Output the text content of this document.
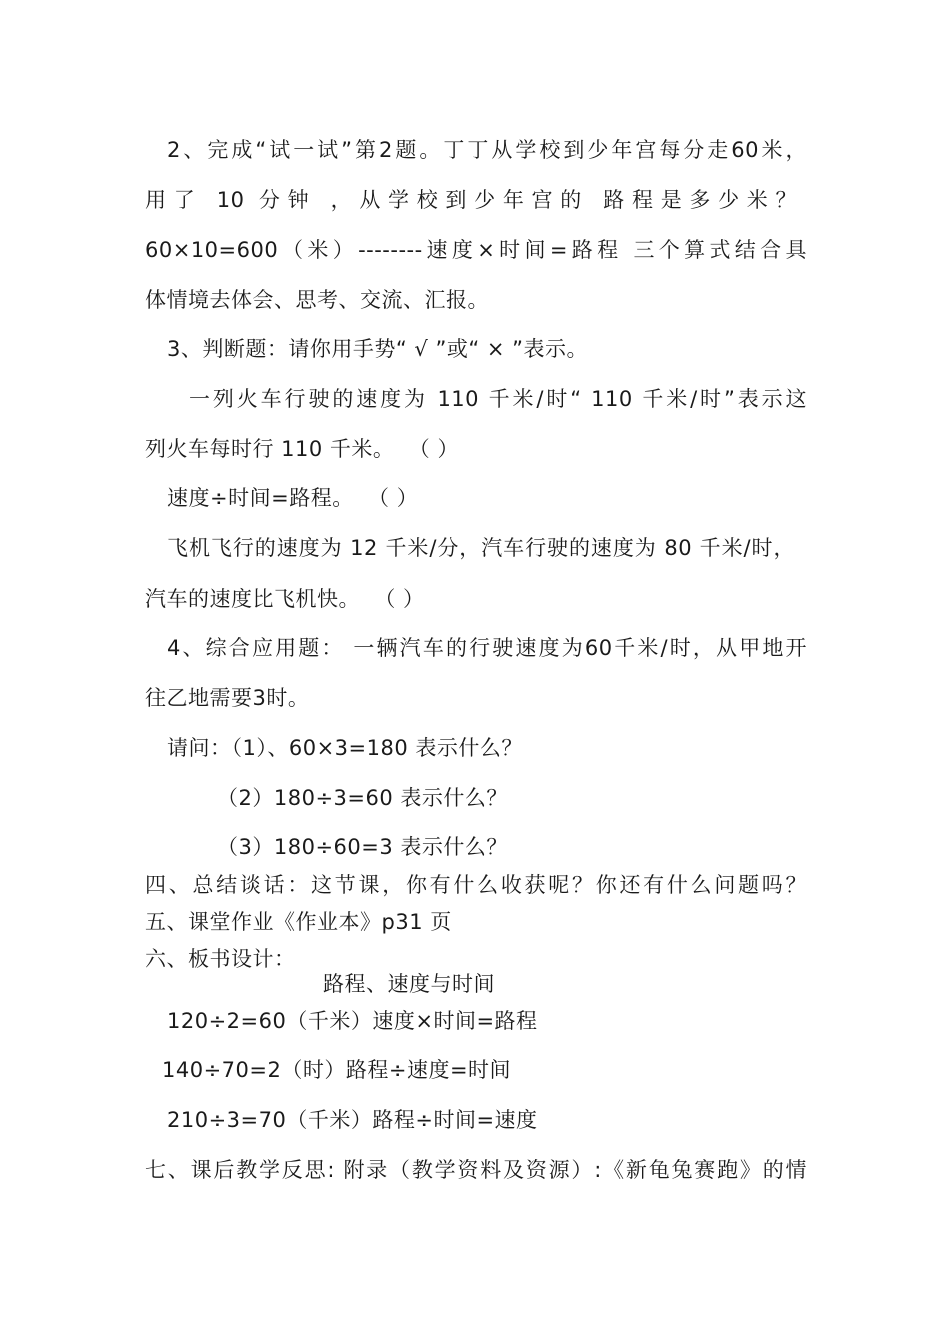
2、完成“试一试”第2题。丁丁从学校到少年宫每分走60米，
用了 10 分钟 ，从学校到少年宫的 路程是多少米？
60×10=600（米）--------速度×时间=路程 三个算式结合具
体情境去体会、思考、交流、汇报。
3、判断题：请你用手势“ √ ”或“ × ”表示。
一列火车行驶的速度为 110 千米/时“ 110 千米/时”表示这
列火车每时行 110 千米。  （ ）
速度÷时间=路程。  （ ）
飞机飞行的速度为 12 千米/分，汽车行驶的速度为 80 千米/时，
汽车的速度比飞机快。  （ ）
4、综合应用题： 一辆汽车的行驶速度为60千米/时，从甲地开
往乙地需要3时。
请问：（1）、60×3=180 表示什么？
（2）180÷3=60 表示什么？
（3）180÷60=3 表示什么？
四、总结谈话：这节课，你有什么收获呢？你还有什么问题吗？
五、课堂作业《作业本》p31 页
六、板书设计：
路程、速度与时间
120÷2=60（千米）速度×时间=路程
140÷70=2（时）路程÷速度=时间
210÷3=70（千米）路程÷时间=速度
七、课后教学反思: 附录（教学资料及资源）:《新龟兔赛跑》的情
